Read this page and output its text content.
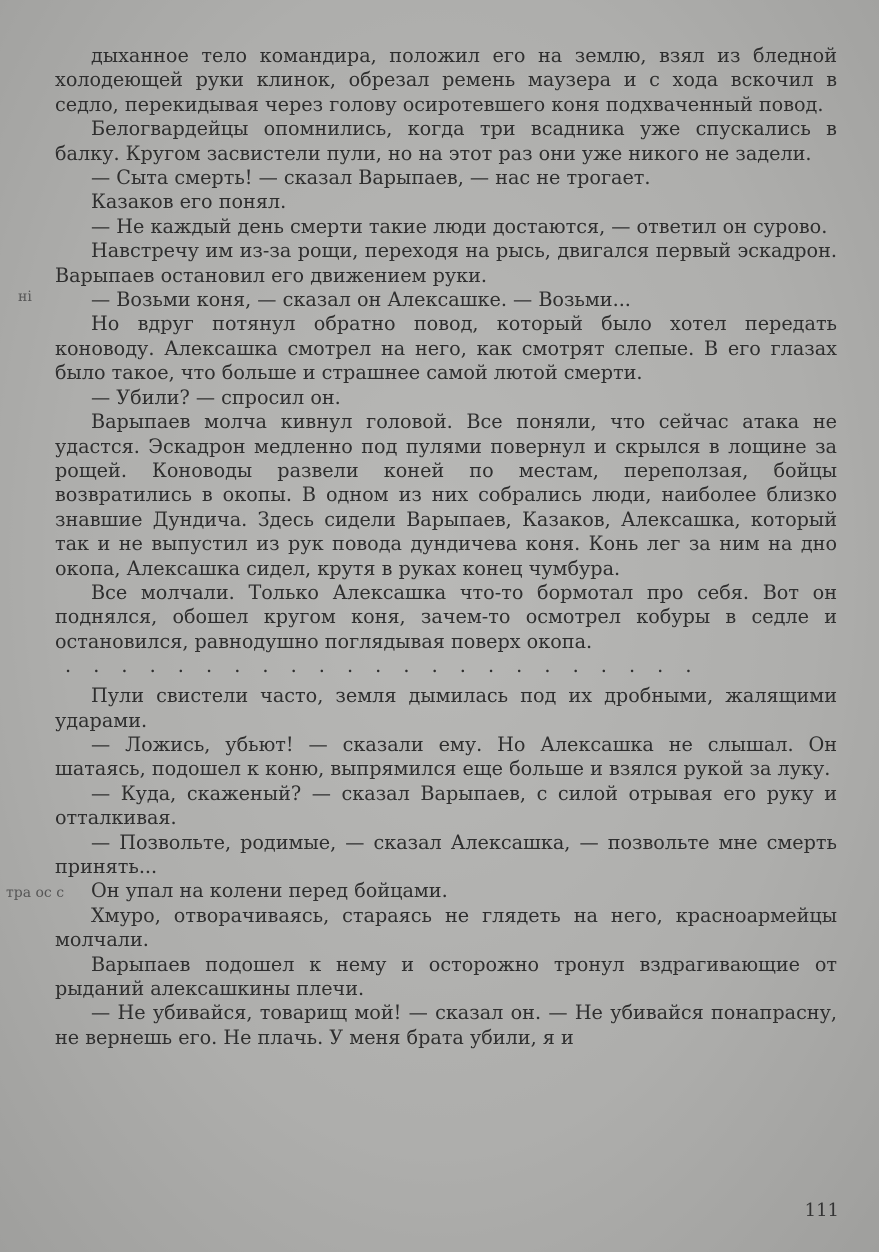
дыханное тело командира, положил его на землю, взял из бледной холодеющей руки клинок, обрезал ремень маузера и с хода вскочил в седло, перекидывая через голову осиротевшего коня подхваченный повод.

Белогвардейцы опомнились, когда три всадника уже спускались в балку. Кругом засвистели пули, но на этот раз они уже никого не задели.

— Сыта смерть! — сказал Варыпаев, — нас не трогает.

Казаков его понял.

— Не каждый день смерти такие люди достаются, — ответил он сурово.

Навстречу им из-за рощи, переходя на рысь, двигался первый эскадрон. Варыпаев остановил его движением руки.

— Возьми коня, — сказал он Алексашке. — Возьми...

Но вдруг потянул обратно повод, который было хотел передать коноводу. Алексашка смотрел на него, как смотрят слепые. В его глазах было такое, что больше и страшнее самой лютой смерти.

— Убили? — спросил он.

Варыпаев молча кивнул головой. Все поняли, что сейчас атака не удастся. Эскадрон медленно под пулями повернул и скрылся в лощине за рощей. Коноводы развели коней по местам, переползая, бойцы возвратились в окопы. В одном из них собрались люди, наиболее близко знавшие Дундича. Здесь сидели Варыпаев, Казаков, Алексашка, который так и не выпустил из рук повода дундичева коня. Конь лег за ним на дно окопа, Алексашка сидел, крутя в руках конец чумбура.

Все молчали. Только Алексашка что-то бормотал про себя. Вот он поднялся, обошел кругом коня, зачем-то осмотрел кобуры в седле и остановился, равнодушно поглядывая поверх окопа.

. . . . . . . . . . . . . . . . . . . . . . .

Пули свистели часто, земля дымилась под их дробными, жалящими ударами.

— Ложись, убьют! — сказали ему. Но Алексашка не слышал. Он шатаясь, подошел к коню, выпрямился еще больше и взялся рукой за луку.

— Куда, скаженый? — сказал Варыпаев, с силой отрывая его руку и отталкивая.

— Позвольте, родимые, — сказал Алексашка, — позвольте мне смерть принять...

Он упал на колени перед бойцами.

Хмуро, отворачиваясь, стараясь не глядеть на него, красноармейцы молчали.

Варыпаев подошел к нему и осторожно тронул вздрагивающие от рыданий алексашкины плечи.

— Не убивайся, товарищ мой! — сказал он. — Не убивайся понапрасну, не вернешь его. Не плачь. У меня брата убили, я и

ні
тра ос с
111
